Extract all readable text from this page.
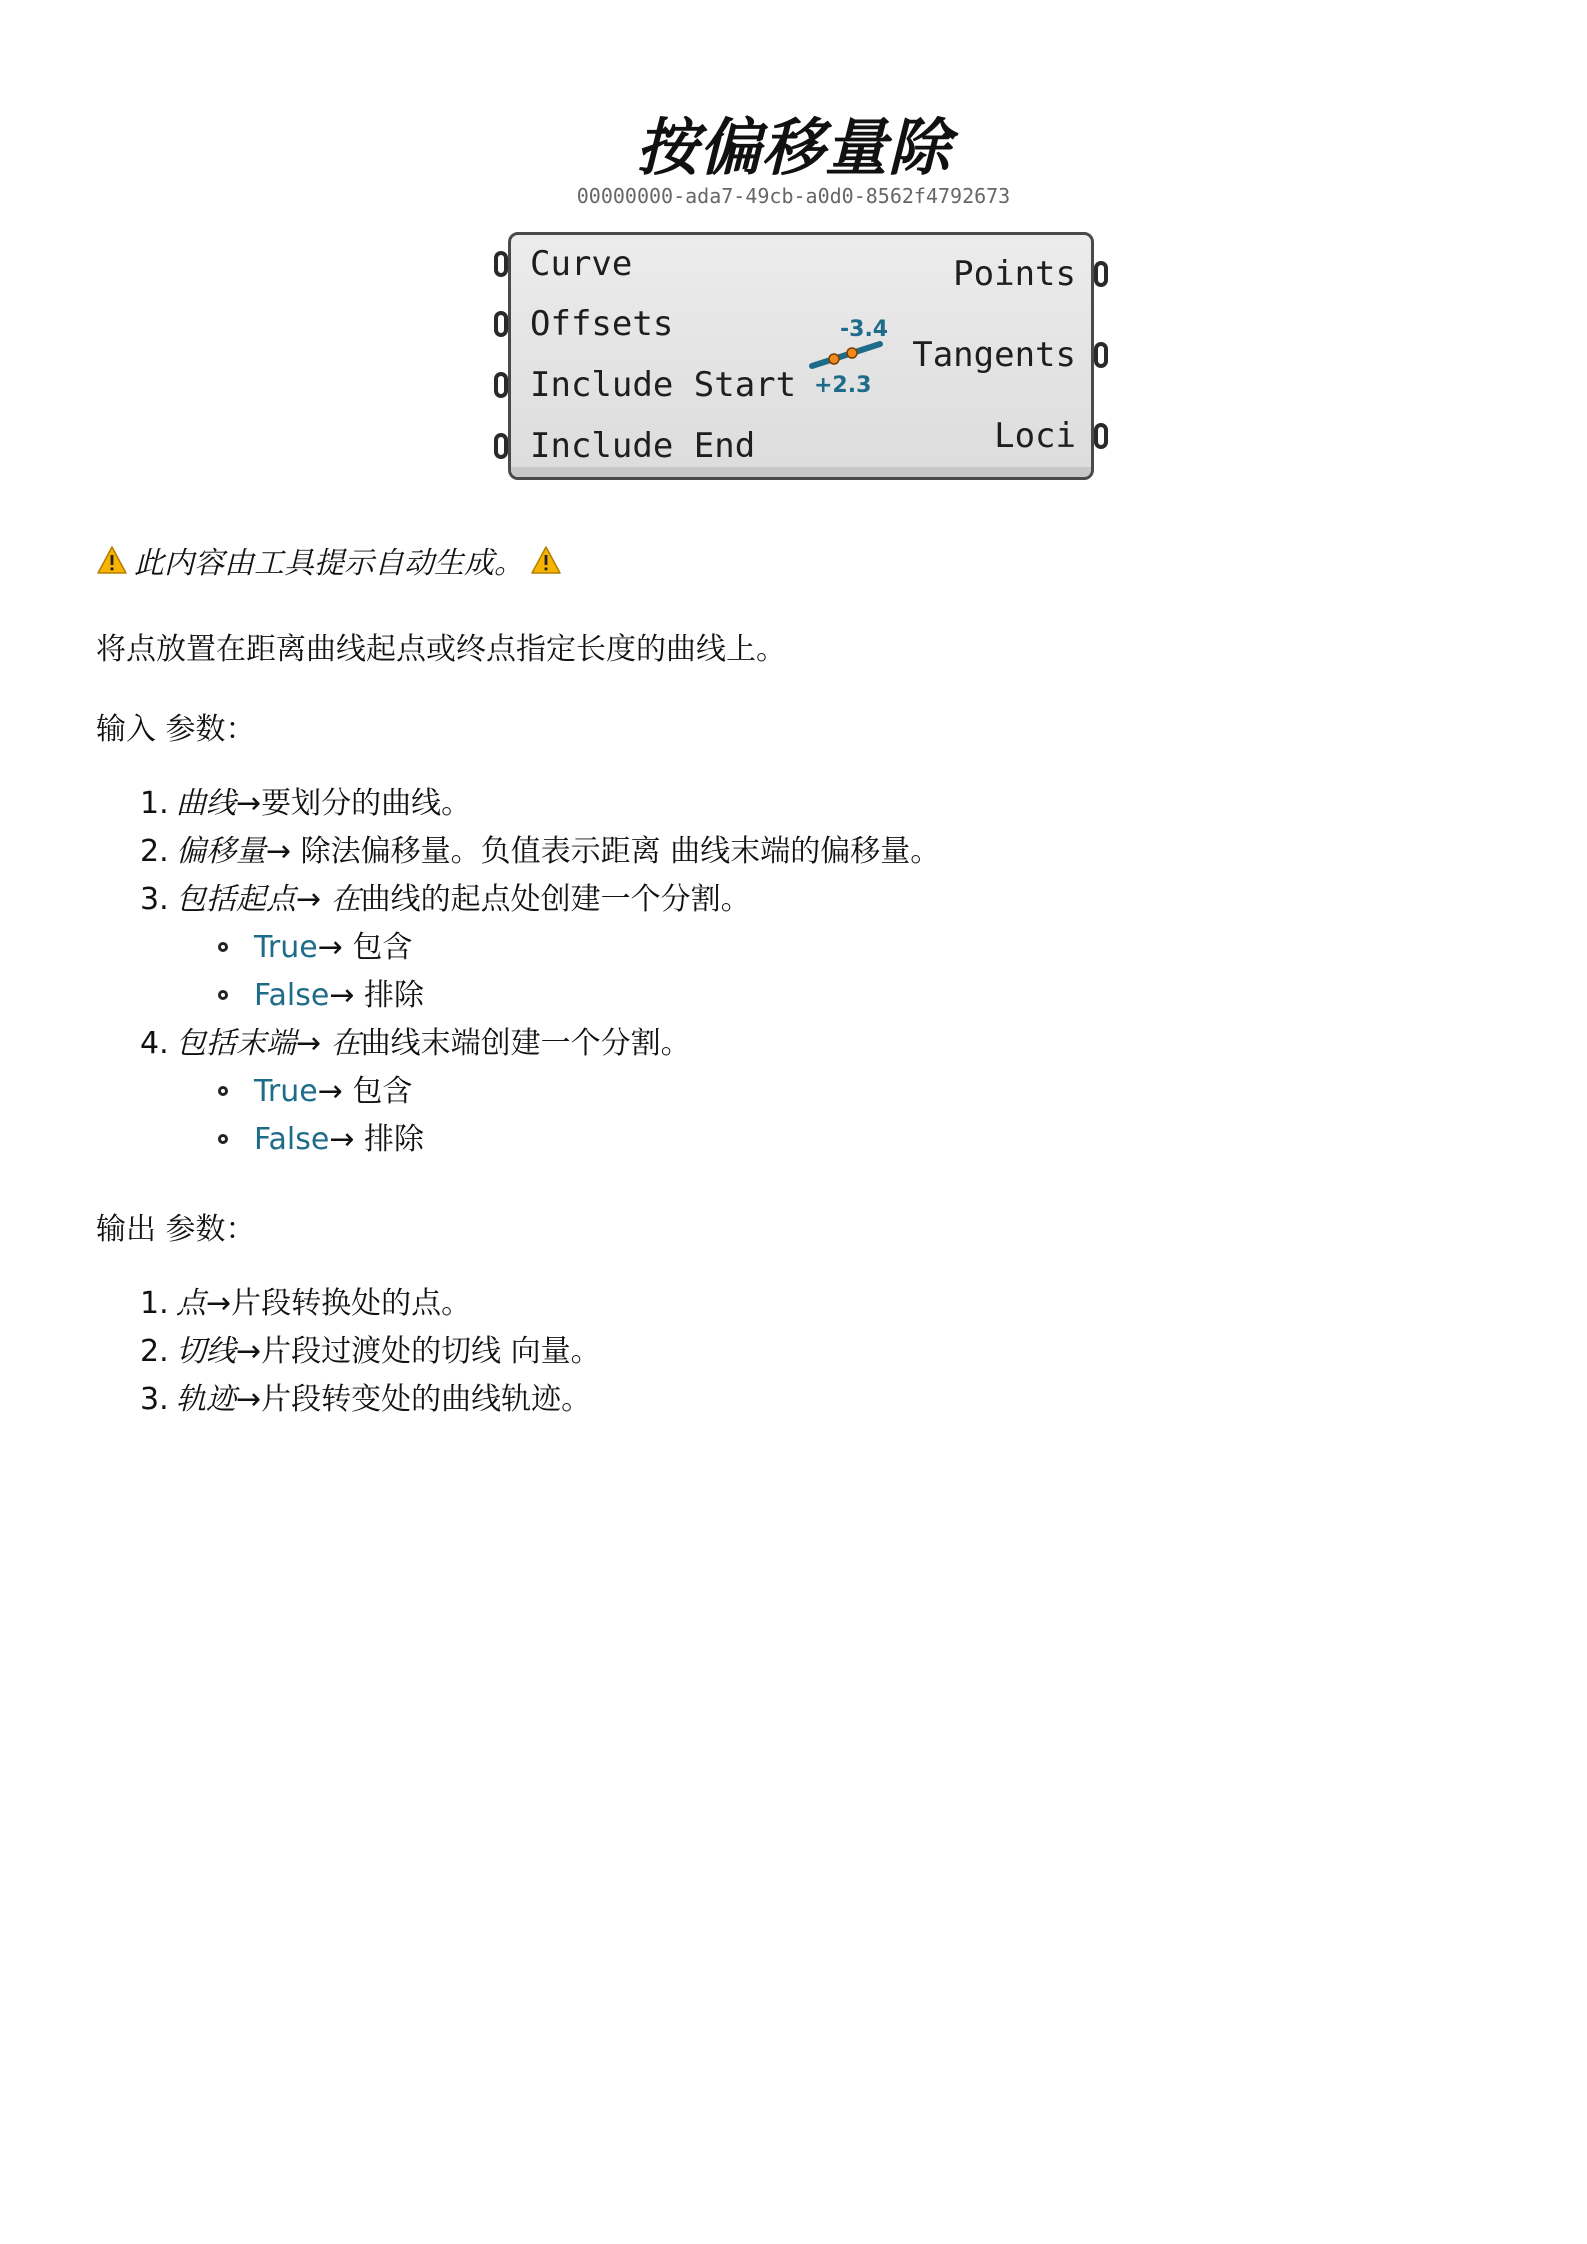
按偏移量除
00000000-ada7-49cb-a0d0-8562f4792673
Curve
Offsets
Include Start
Include End
Points
Tangents
Loci
-3.4
+2.3
此内容由工具提示自动生成。
将点放置在距离曲线起点或终点指定长度的曲线上。
输入 参数：
1. 曲线→要划分的曲线。
2. 偏移量→ 除法偏移量。负值表示距离 曲线末端的偏移量。
3. 包括起点→ 在曲线的起点处创建一个分割。
True→ 包含
False→ 排除
4. 包括末端→ 在曲线末端创建一个分割。
True→ 包含
False→ 排除
输出 参数：
1. 点→片段转换处的点。
2. 切线→片段过渡处的切线 向量。
3. 轨迹→片段转变处的曲线轨迹。
